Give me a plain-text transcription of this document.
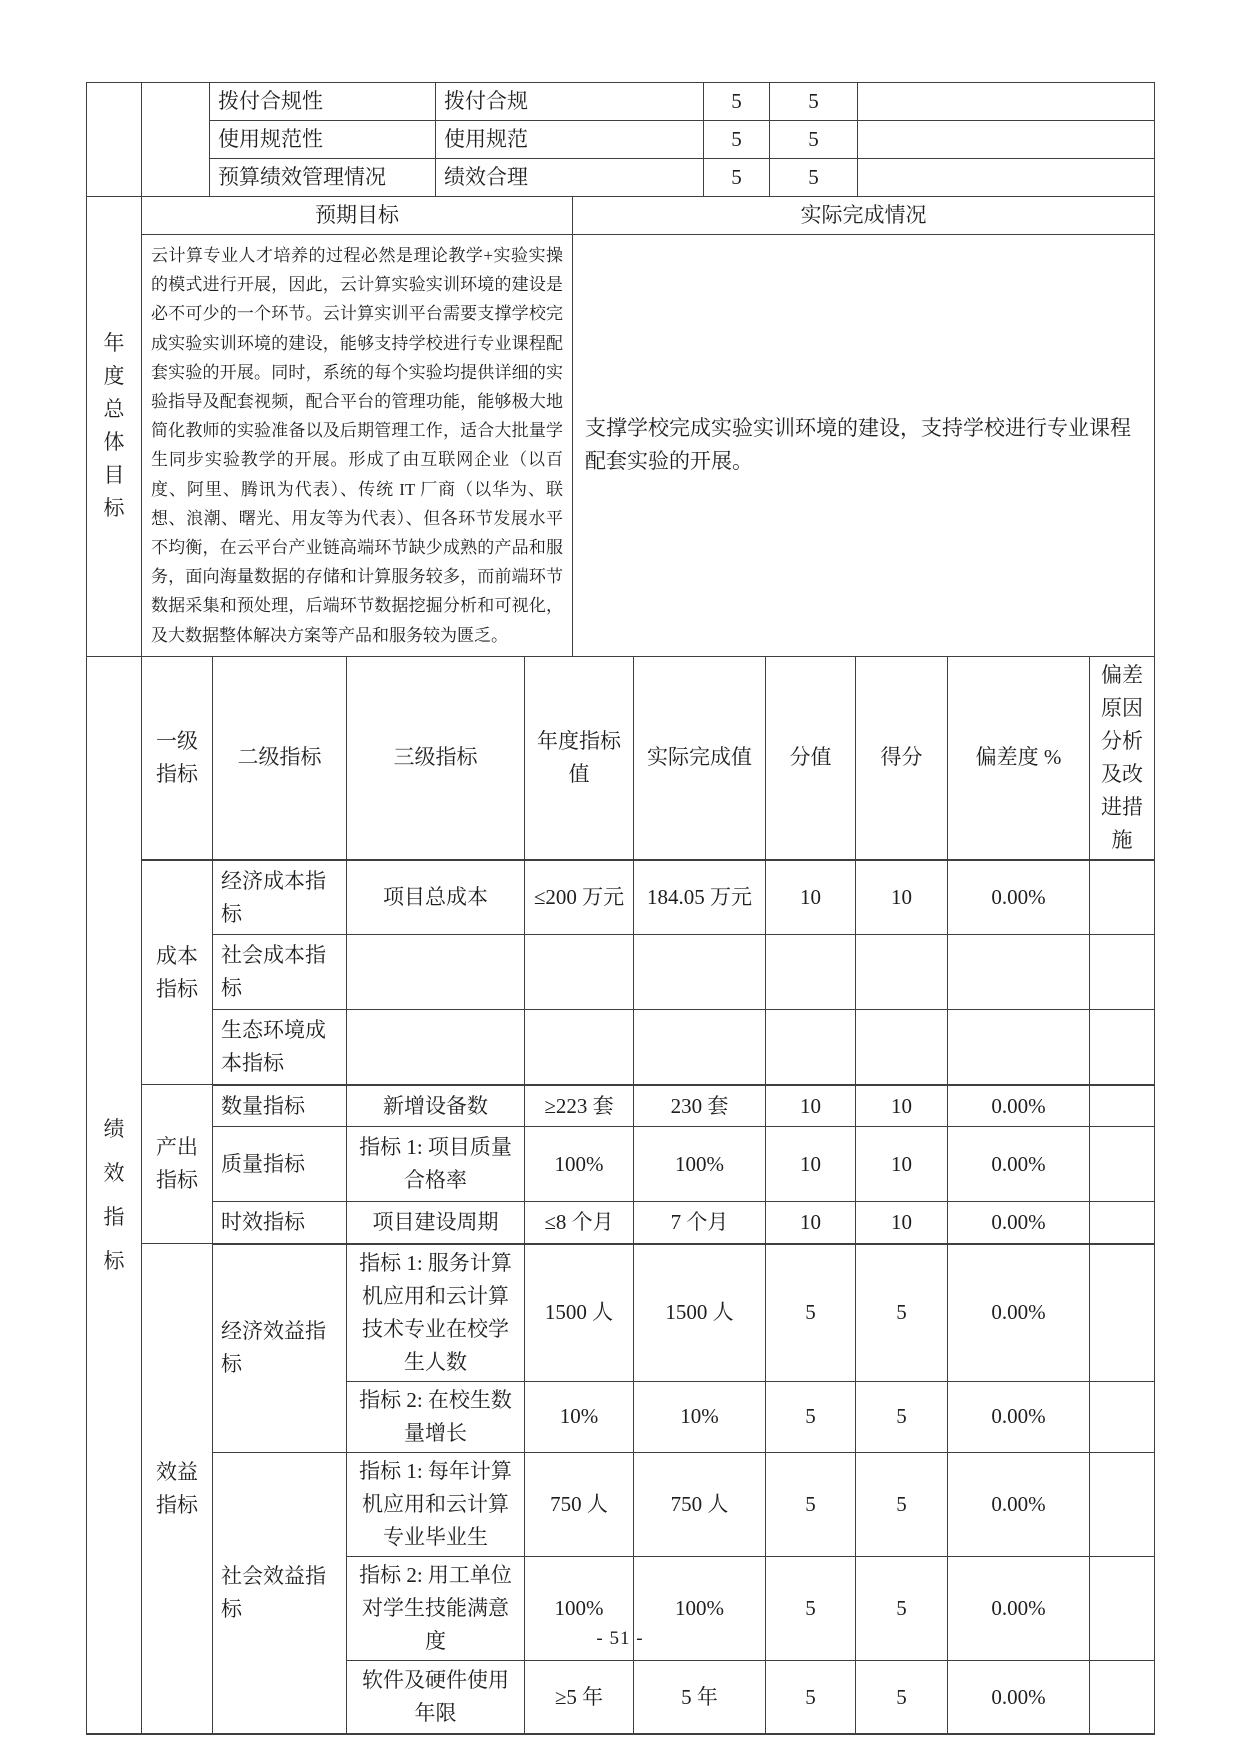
		拨付合规性	拨付合规	5	5	
		使用规范性	使用规范	5	5	
		预算绩效管理情况	绩效合理	5	5	
年度总体目标	预期目标	实际完成情况
	云计算专业人才培养的过程必然是理论教学+实验实操的模式进行开展，因此，云计算实验实训环境的建设是必不可少的一个环节。云计算实训平台需要支撑学校完成实验实训环境的建设，能够支持学校进行专业课程配套实验的开展。同时，系统的每个实验均提供详细的实验指导及配套视频，配合平台的管理功能，能够极大地简化教师的实验准备以及后期管理工作，适合大批量学生同步实验教学的开展。形成了由互联网企业（以百度、阿里、腾讯为代表）、传统 IT 厂商（以华为、联想、浪潮、曙光、用友等为代表）、但各环节发展水平不均衡，在云平台产业链高端环节缺少成熟的产品和服务，面向海量数据的存储和计算服务较多，而前端环节数据采集和预处理，后端环节数据挖掘分析和可视化，及大数据整体解决方案等产品和服务较为匮乏。	支撑学校完成实验实训环境的建设，支持学校进行专业课程配套实验的开展。
绩效指标	一级指标	二级指标	三级指标	年度指标值	实际完成值	分值	得分	偏差度 %	偏差原因分析及改进措施
	成本指标	经济成本指标	项目总成本	≤200 万元	184.05 万元	10	10	0.00%	
		社会成本指标							
		生态环境成本指标							
	产出指标	数量指标	新增设备数	≥223 套	230 套	10	10	0.00%	
		质量指标	指标 1: 项目质量合格率	100%	100%	10	10	0.00%	
		时效指标	项目建设周期	≤8 个月	7 个月	10	10	0.00%	
	效益指标	经济效益指标	指标 1: 服务计算机应用和云计算技术专业在校学生人数	1500 人	1500 人	5	5	0.00%	
			指标 2: 在校生数量增长	10%	10%	5	5	0.00%	
		社会效益指标	指标 1: 每年计算机应用和云计算专业毕业生	750 人	750 人	5	5	0.00%	
			指标 2: 用工单位对学生技能满意度	100%	100%	5	5	0.00%	
			软件及硬件使用年限	≥5 年	5 年	5	5	0.00%	
- 51 -
